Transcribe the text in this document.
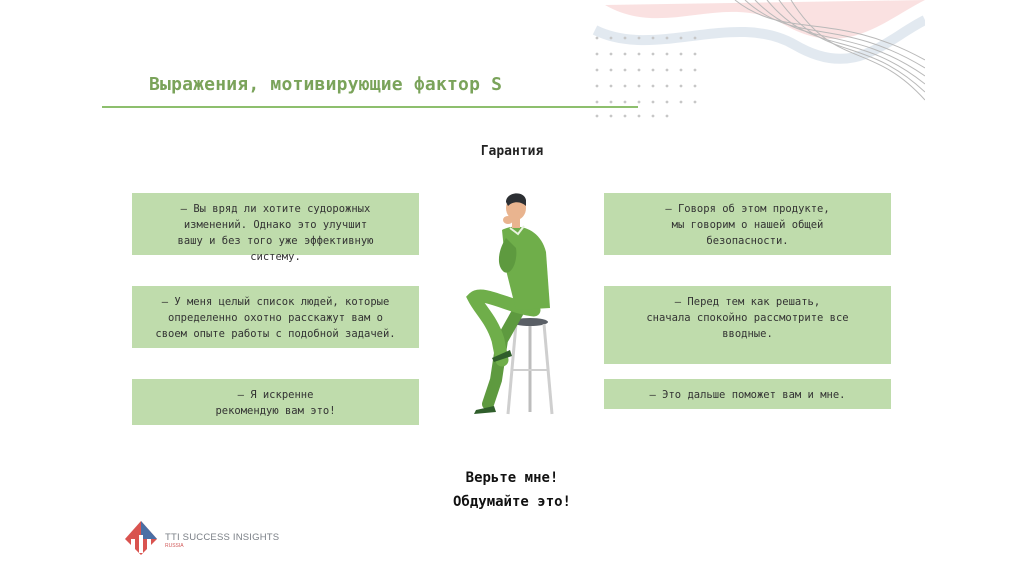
Выражения, мотивирующие фактор S
Гарантия
— Вы вряд ли хотите судорожных
изменений. Однако это улучшит
вашу и без того уже эффективную
систему.
— У меня целый список людей, которые
определенно охотно расскажут вам о
своем опыте работы с подобной задачей.
— Я искренне
рекомендую вам это!
— Говоря об этом продукте,
мы говорим о нашей общей
безопасности.
— Перед тем как решать,
сначала спокойно рассмотрите все
вводные.
— Это дальше поможет вам и мне.
Верьте мне!
Обдумайте это!
TTI SUCCESS INSIGHTS
RUSSIA
